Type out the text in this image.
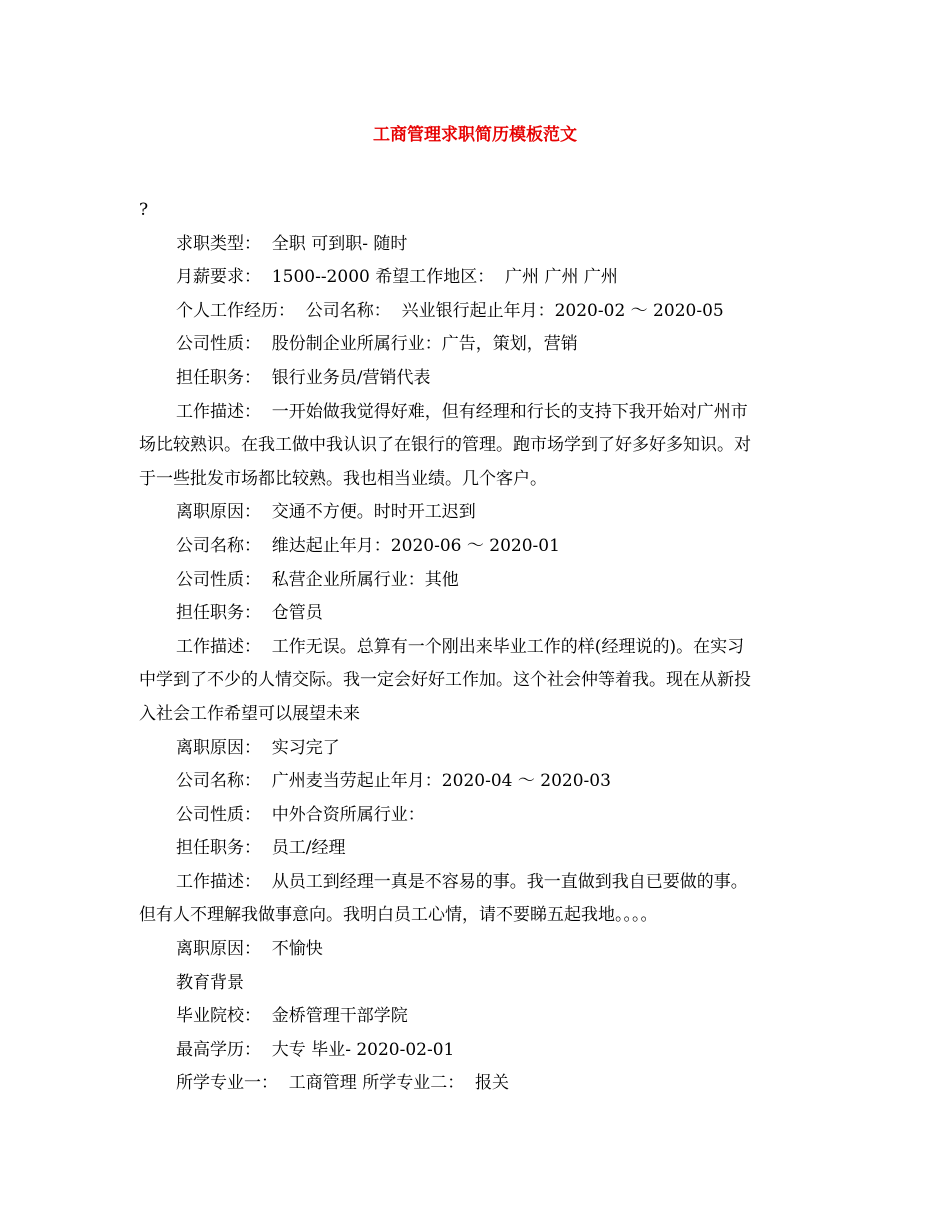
工商管理求职简历模板范文
?
求职类型：  全职 可到职- 随时
月薪要求：  1500--2000 希望工作地区：  广州 广州 广州
个人工作经历：  公司名称：  兴业银行起止年月：2020-02 ～ 2020-05
公司性质：  股份制企业所属行业：广告，策划，营销
担任职务：  银行业务员/营销代表
工作描述：  一开始做我觉得好难，但有经理和行长的支持下我开始对广州市
场比较熟识。在我工做中我认识了在银行的管理。跑市场学到了好多好多知识。对
于一些批发市场都比较熟。我也相当业绩。几个客户。
离职原因：  交通不方便。时时开工迟到
公司名称：  维达起止年月：2020-06 ～ 2020-01
公司性质：  私营企业所属行业：其他
担任职务：  仓管员
工作描述：  工作无误。总算有一个刚出来毕业工作的样(经理说的)。在实习
中学到了不少的人情交际。我一定会好好工作加。这个社会仲等着我。现在从新投
入社会工作希望可以展望未来
离职原因：  实习完了
公司名称：  广州麦当劳起止年月：2020-04 ～ 2020-03
公司性质：  中外合资所属行业：
担任职务：  员工/经理
工作描述：  从员工到经理一真是不容易的事。我一直做到我自已要做的事。
但有人不理解我做事意向。我明白员工心情，请不要睇五起我地。。。。
离职原因：  不愉快
教育背景
毕业院校：  金桥管理干部学院
最高学历：  大专 毕业- 2020-02-01
所学专业一：  工商管理 所学专业二：  报关
